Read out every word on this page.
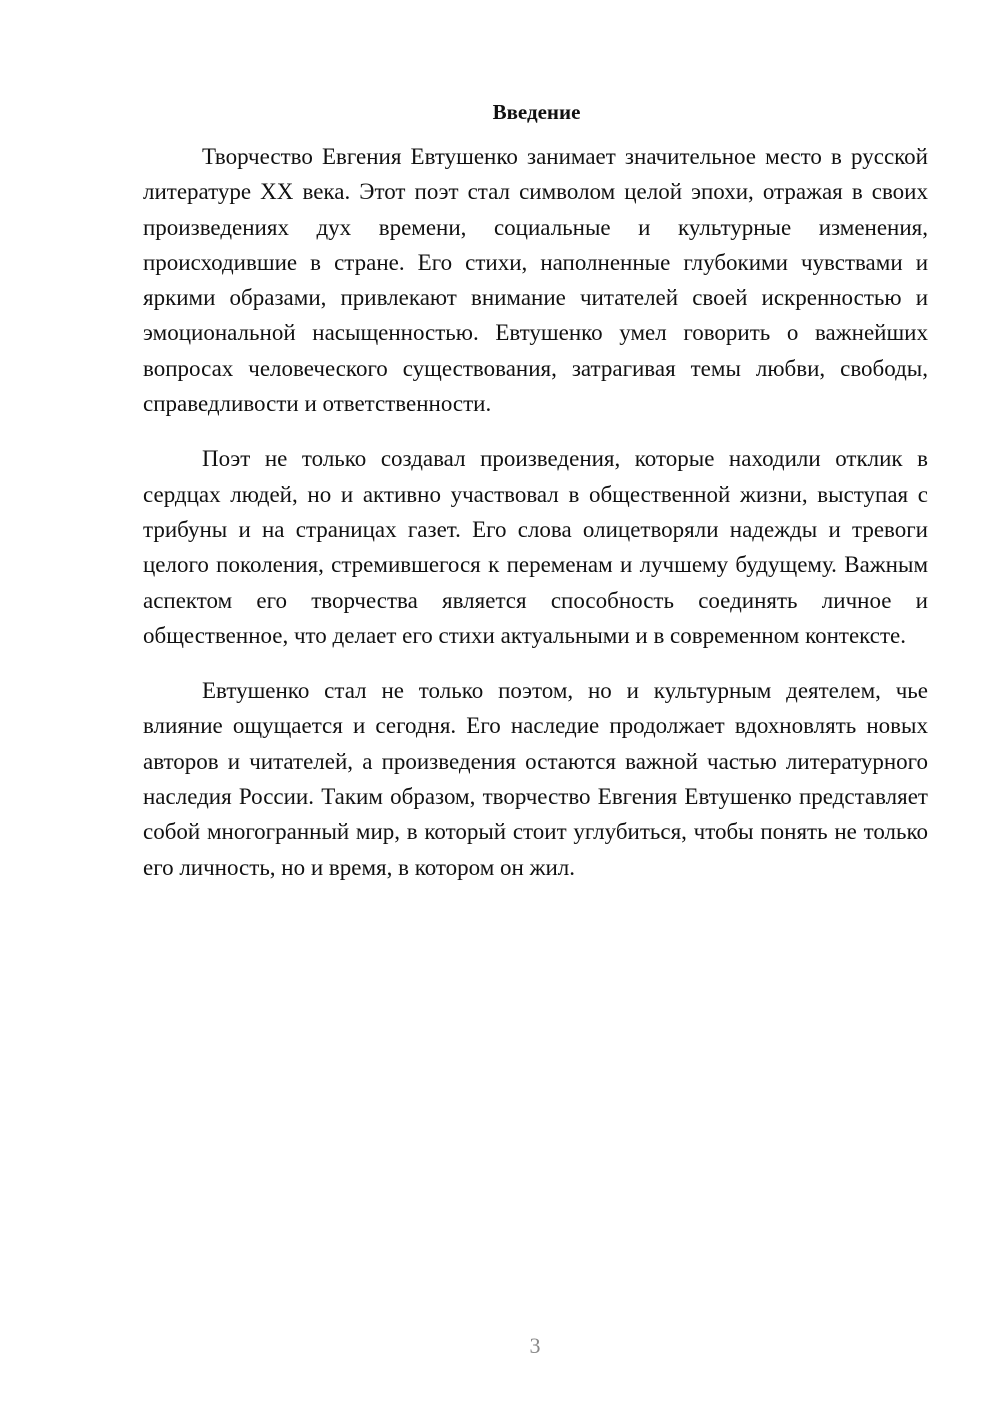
Введение

Творчество Евгения Евтушенко занимает значительное место в русской литературе XX века. Этот поэт стал символом целой эпохи, отражая в своих произведениях дух времени, социальные и культурные изменения, происходившие в стране. Его стихи, наполненные глубокими чувствами и яркими образами, привлекают внимание читателей своей искренностью и эмоциональной насыщенностью. Евтушенко умел говорить о важнейших вопросах человеческого существования, затрагивая темы любви, свободы, справедливости и ответственности.

Поэт не только создавал произведения, которые находили отклик в сердцах людей, но и активно участвовал в общественной жизни, выступая с трибуны и на страницах газет. Его слова олицетворяли надежды и тревоги целого поколения, стремившегося к переменам и лучшему будущему. Важным аспектом его творчества является способность соединять личное и общественное, что делает его стихи актуальными и в современном контексте.

Евтушенко стал не только поэтом, но и культурным деятелем, чье влияние ощущается и сегодня. Его наследие продолжает вдохновлять новых авторов и читателей, а произведения остаются важной частью литературного наследия России. Таким образом, творчество Евгения Евтушенко представляет собой многогранный мир, в который стоит углубиться, чтобы понять не только его личность, но и время, в котором он жил.

3
